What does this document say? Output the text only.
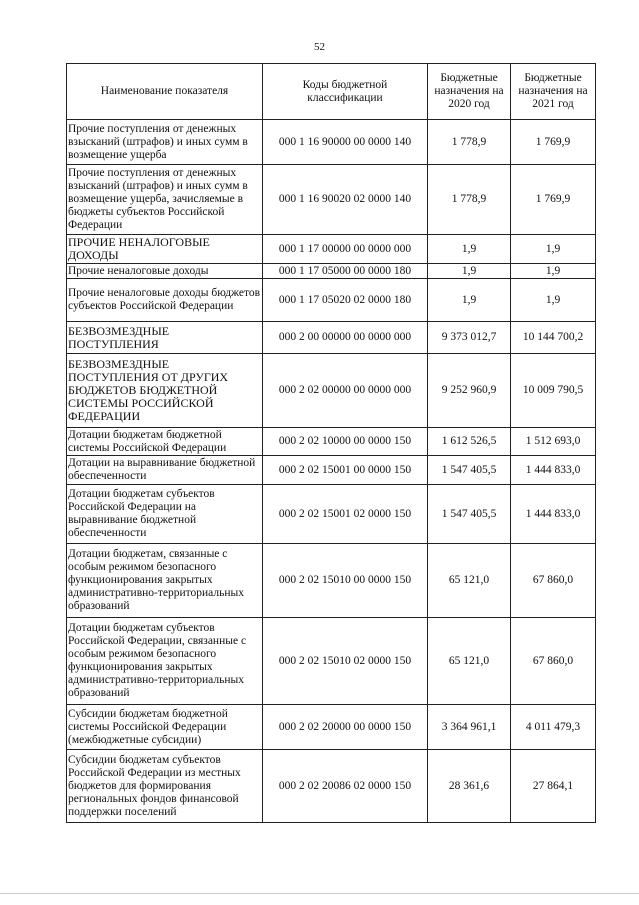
52
Наименование показателя	Коды бюджетной классификации	Бюджетные назначения на 2020 год	Бюджетные назначения на 2021 год
Прочие поступления от денежных взысканий (штрафов) и иных сумм в возмещение ущерба	000 1 16 90000 00 0000 140	1 778,9	1 769,9
Прочие поступления от денежных взысканий (штрафов) и иных сумм в возмещение ущерба, зачисляемые в бюджеты субъектов Российской Федерации	000 1 16 90020 02 0000 140	1 778,9	1 769,9
ПРОЧИЕ НЕНАЛОГОВЫЕ ДОХОДЫ	000 1 17 00000 00 0000 000	1,9	1,9
Прочие неналоговые доходы	000 1 17 05000 00 0000 180	1,9	1,9
Прочие неналоговые доходы бюджетов субъектов Российской Федерации	000 1 17 05020 02 0000 180	1,9	1,9
БЕЗВОЗМЕЗДНЫЕ ПОСТУПЛЕНИЯ	000 2 00 00000 00 0000 000	9 373 012,7	10 144 700,2
БЕЗВОЗМЕЗДНЫЕ ПОСТУПЛЕНИЯ ОТ ДРУГИХ БЮДЖЕТОВ БЮДЖЕТНОЙ СИСТЕМЫ РОССИЙСКОЙ ФЕДЕРАЦИИ	000 2 02 00000 00 0000 000	9 252 960,9	10 009 790,5
Дотации бюджетам бюджетной системы Российской Федерации	000 2 02 10000 00 0000 150	1 612 526,5	1 512 693,0
Дотации на выравнивание бюджетной обеспеченности	000 2 02 15001 00 0000 150	1 547 405,5	1 444 833,0
Дотации бюджетам субъектов Российской Федерации на выравнивание бюджетной обеспеченности	000 2 02 15001 02 0000 150	1 547 405,5	1 444 833,0
Дотации бюджетам, связанные с особым режимом безопасного функционирования закрытых административно-территориальных образований	000 2 02 15010 00 0000 150	65 121,0	67 860,0
Дотации бюджетам субъектов Российской Федерации, связанные с особым режимом безопасного функционирования закрытых административно-территориальных образований	000 2 02 15010 02 0000 150	65 121,0	67 860,0
Субсидии бюджетам бюджетной системы Российской Федерации (межбюджетные субсидии)	000 2 02 20000 00 0000 150	3 364 961,1	4 011 479,3
Субсидии бюджетам субъектов Российской Федерации из местных бюджетов для формирования региональных фондов финансовой поддержки поселений	000 2 02 20086 02 0000 150	28 361,6	27 864,1
